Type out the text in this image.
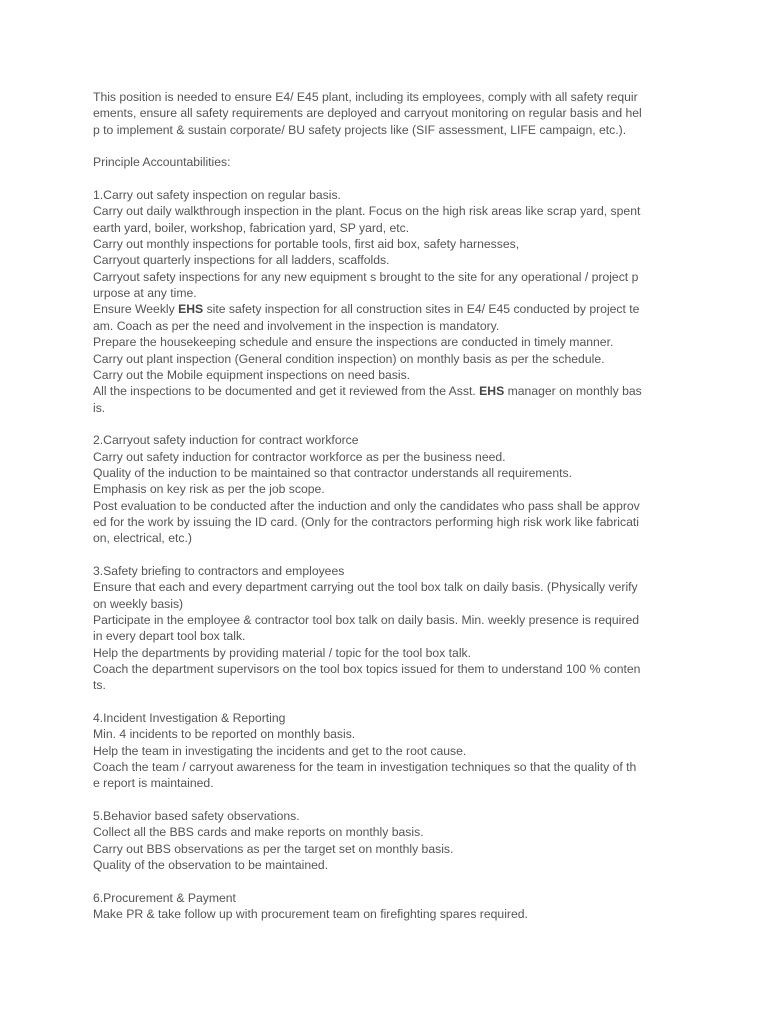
This position is needed to ensure E4/ E45 plant, including its employees, comply with all safety requir
ements, ensure all safety requirements are deployed and carryout monitoring on regular basis and hel
p to implement & sustain corporate/ BU safety projects like (SIF assessment, LIFE campaign, etc.).
Principle Accountabilities:
1.Carry out safety inspection on regular basis.
Carry out daily walkthrough inspection in the plant. Focus on the high risk areas like scrap yard, spent
earth yard, boiler, workshop, fabrication yard, SP yard, etc.
Carry out monthly inspections for portable tools, first aid box, safety harnesses,
Carryout quarterly inspections for all ladders, scaffolds.
Carryout safety inspections for any new equipment s brought to the site for any operational / project p
urpose at any time.
Ensure Weekly EHS site safety inspection for all construction sites in E4/ E45 conducted by project te
am. Coach as per the need and involvement in the inspection is mandatory.
Prepare the housekeeping schedule and ensure the inspections are conducted in timely manner.
Carry out plant inspection (General condition inspection) on monthly basis as per the schedule.
Carry out the Mobile equipment inspections on need basis.
All the inspections to be documented and get it reviewed from the Asst. EHS manager on monthly bas
is.
2.Carryout safety induction for contract workforce
Carry out safety induction for contractor workforce as per the business need.
Quality of the induction to be maintained so that contractor understands all requirements.
Emphasis on key risk as per the job scope.
Post evaluation to be conducted after the induction and only the candidates who pass shall be approv
ed for the work by issuing the ID card. (Only for the contractors performing high risk work like fabricati
on, electrical, etc.)
3.Safety briefing to contractors and employees
Ensure that each and every department carrying out the tool box talk on daily basis. (Physically verify
on weekly basis)
Participate in the employee & contractor tool box talk on daily basis. Min. weekly presence is required
in every depart tool box talk.
Help the departments by providing material / topic for the tool box talk.
Coach the department supervisors on the tool box topics issued for them to understand 100 % conten
ts.
4.Incident Investigation & Reporting
Min. 4 incidents to be reported on monthly basis.
Help the team in investigating the incidents and get to the root cause.
Coach the team / carryout awareness for the team in investigation techniques so that the quality of th
e report is maintained.
5.Behavior based safety observations.
Collect all the BBS cards and make reports on monthly basis.
Carry out BBS observations as per the target set on monthly basis.
Quality of the observation to be maintained.
6.Procurement & Payment
Make PR & take follow up with procurement team on firefighting spares required.
